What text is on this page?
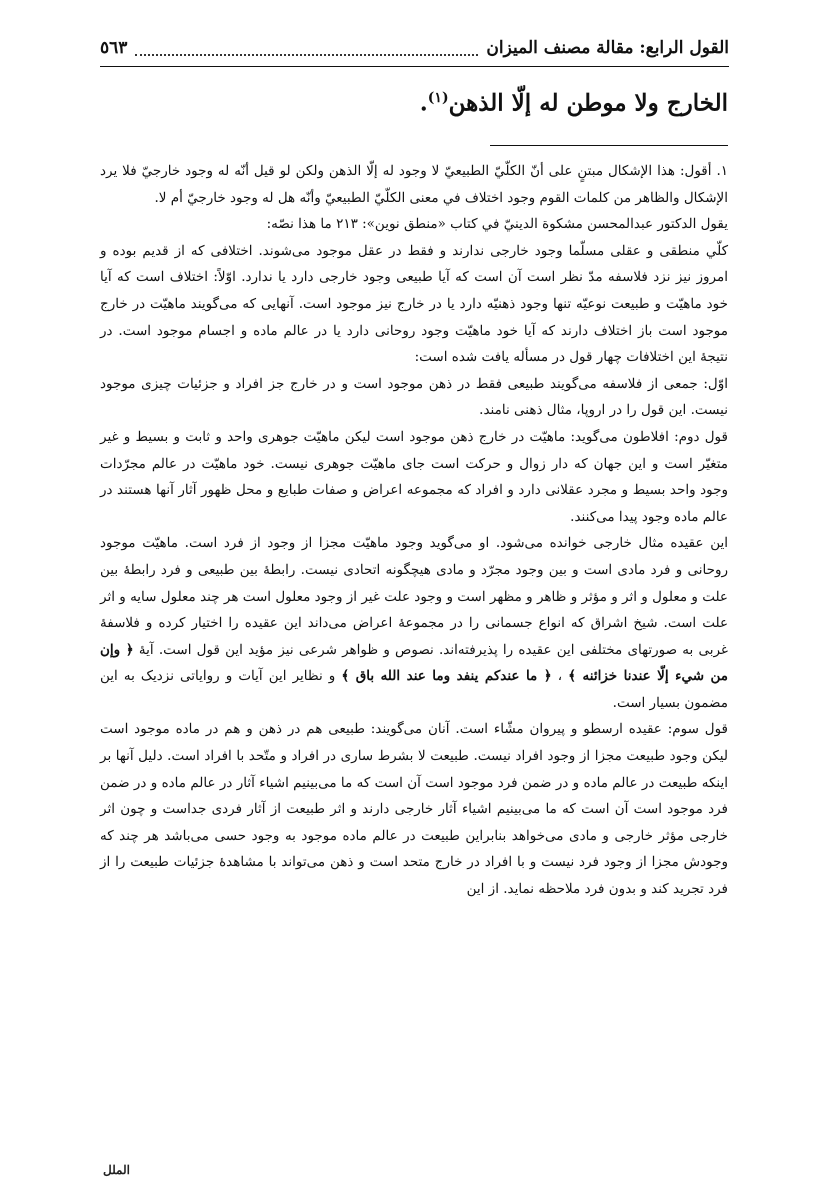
القول الرابع: مقالة مصنف الميزان
٥٦٣
الخارج ولا موطن له إلّا الذهن$^{(١)}$.

١. أقول: هذا الإشكال مبتنٍ على أنّ الكلّيّ الطبيعيّ لا وجود له إلّا الذهن ولكن لو قيل أنّه له وجود خارجيّ فلا يرد الإشكال والظاهر من كلمات القوم وجود اختلاف في معنى الكلّيّ الطبيعيّ وأنّه هل له وجود خارجيّ أم لا.

يقول الدكتور عبدالمحسن مشكوة الدينيّ في كتاب «منطق نوين»: ٢١٣ ما هذا نصّه:

كلّي منطقى و عقلى مسلّما وجود خارجى ندارند و فقط در عقل موجود مى‌شوند. اختلافى كه از قديم بوده و امروز نيز نزد فلاسفه مدّ نظر است آن است كه آيا طبيعى وجود خارجى دارد يا ندارد. اوّلاً: اختلاف است كه آيا خود ماهيّت و طبيعت نوعيّه تنها وجود ذهنيّه دارد يا در خارج نيز موجود است. آنهايى كه مى‌گويند ماهيّت در خارج موجود است باز اختلاف دارند كه آيا خود ماهيّت وجود روحانى دارد يا در عالم ماده و اجسام موجود است. در نتيجهٔ اين اختلافات چهار قول در مسأله يافت شده است:

اوّل: جمعى از فلاسفه مى‌گويند طبيعى فقط در ذهن موجود است و در خارج جز افراد و جزئيات چيزى موجود نيست. اين قول را در اروپا، مثال ذهنى نامند.

قول دوم: افلاطون مى‌گويد: ماهيّت در خارج ذهن موجود است ليكن ماهيّت جوهرى واحد و ثابت و بسيط و غير متغيّر است و اين جهان كه دار زوال و حركت است جاى ماهيّت جوهرى نيست. خود ماهيّت در عالم مجرّدات وجود واحد بسيط و مجرد عقلانى دارد و افراد كه مجموعه اعراض و صفات طبايع و محل ظهور آثار آنها هستند در عالم ماده وجود پيدا مى‌كنند.

اين عقيده مثال خارجى خوانده مى‌شود. او مى‌گويد وجود ماهيّت مجزا از وجود از فرد است. ماهيّت موجود روحانى و فرد مادى است و بين وجود مجرّد و مادى هيچگونه اتحادى نيست. رابطهٔ بين طبيعى و فرد رابطهٔ بين علت و معلول و اثر و مؤثر و ظاهر و مظهر است و وجود علت غير از وجود معلول است هر چند معلول سايه و اثر علت است. شيخ اشراق كه انواع جسمانى را در مجموعهٔ اعراض مى‌داند اين عقيده را اختيار كرده و فلاسفهٔ غربى به صورتهاى مختلفى اين عقيده را پذيرفته‌اند. نصوص و ظواهر شرعى نيز مؤيد اين قول است. آيهٔ ﴿ وإن من شيء إلّا عندنا خزائنه ﴾ ، ﴿ ما عندكم ينفد وما عند الله باق ﴾ و نظاير اين آيات و رواياتى نزديک به اين مضمون بسيار است.

قول سوم: عقيده ارسطو و پيروان مشّاء است. آنان مى‌گويند: طبيعى هم در ذهن و هم در ماده موجود است ليكن وجود طبيعت مجزا از وجود افراد نيست. طبيعت لا بشرط سارى در افراد و متّحد با افراد است. دليل آنها بر اينكه طبيعت در عالم ماده و در ضمن فرد موجود است آن است كه ما مى‌بينيم اشياء آثار در عالم ماده و در ضمن فرد موجود است آن است كه ما مى‌بينيم اشياء آثار خارجى دارند و اثر طبيعت از آثار فردى جداست و چون اثر خارجى مؤثر خارجى و مادى مى‌خواهد بنابراين طبيعت در عالم ماده موجود به وجود حسى مى‌باشد هر چند كه وجودش مجزا از وجود فرد نيست و با افراد در خارج متحد است و ذهن مى‌تواند با مشاهدهٔ جزئيات طبيعت را از فرد تجريد كند و بدون فرد ملاحظه نمايد. از اين

الملل
